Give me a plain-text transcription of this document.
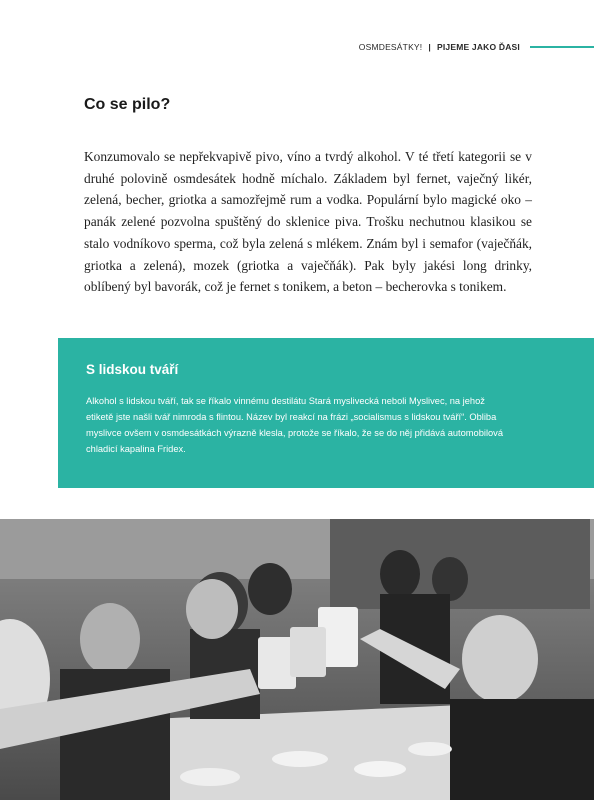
OSMDESÁTKY! | PIJEME JAKO ĎASI
Co se pilo?

Konzumovalo se nepřekvapivě pivo, víno a tvrdý alkohol. V té třetí kategorii se v druhé polovině osmdesátek hodně míchalo. Základem byl fernet, vaječný likér, zelená, becher, griotka a samozřejmě rum a vodka. Populární bylo magické oko – panák zelené pozvolna spuštěný do sklenice piva. Trošku nechutnou klasikou se stalo vodníkovo sperma, což byla zelená s mlékem. Znám byl i semafor (vaječňák, griotka a zelená), mozek (griotka a vaječňák). Pak byly jakési long drinky, oblíbený byl bavorák, což je fernet s tonikem, a beton – becherovka s tonikem.

S lidskou tváří

Alkohol s lidskou tváří, tak se říkalo vinnému destilátu Stará myslivecká neboli Myslivec, na jehož etiketě jste našli tvář nimroda s flintou. Název byl reakcí na frázi „socialismus s lidskou tváří“. Obliba myslivce ovšem v osmdesátkách výrazně klesla, protože se říkalo, že se do něj přidává automobilová chladicí kapalina Fridex.
